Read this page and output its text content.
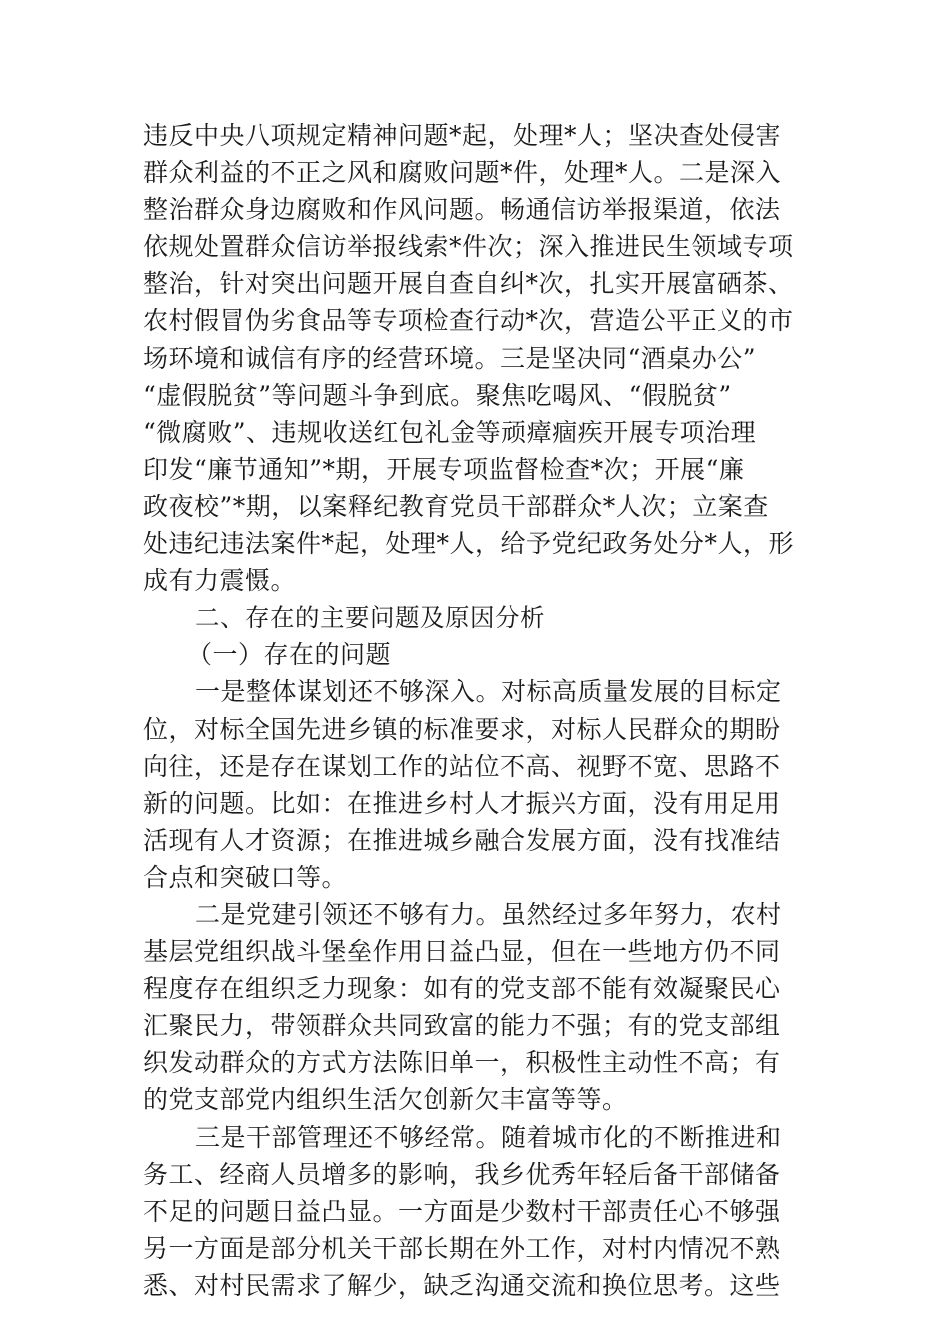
违反中央八项规定精神问题*起，处理*人；坚决查处侵害
群众利益的不正之风和腐败问题*件，处理*人。二是深入
整治群众身边腐败和作风问题。畅通信访举报渠道，依法
依规处置群众信访举报线索*件次；深入推进民生领域专项
整治，针对突出问题开展自查自纠*次，扎实开展富硒茶、
农村假冒伪劣食品等专项检查行动*次，营造公平正义的市
场环境和诚信有序的经营环境。三是坚决同“酒桌办公”
“虚假脱贫”等问题斗争到底。聚焦吃喝风、“假脱贫”
“微腐败”、违规收送红包礼金等顽瘴痼疾开展专项治理
印发“廉节通知”*期，开展专项监督检查*次；开展“廉
政夜校”*期，以案释纪教育党员干部群众*人次；立案查
处违纪违法案件*起，处理*人，给予党纪政务处分*人，形
成有力震慑。
二、存在的主要问题及原因分析
（一）存在的问题
一是整体谋划还不够深入。对标高质量发展的目标定
位，对标全国先进乡镇的标准要求，对标人民群众的期盼
向往，还是存在谋划工作的站位不高、视野不宽、思路不
新的问题。比如：在推进乡村人才振兴方面，没有用足用
活现有人才资源；在推进城乡融合发展方面，没有找准结
合点和突破口等。
二是党建引领还不够有力。虽然经过多年努力，农村
基层党组织战斗堡垒作用日益凸显，但在一些地方仍不同
程度存在组织乏力现象：如有的党支部不能有效凝聚民心
汇聚民力，带领群众共同致富的能力不强；有的党支部组
织发动群众的方式方法陈旧单一，积极性主动性不高；有
的党支部党内组织生活欠创新欠丰富等等。
三是干部管理还不够经常。随着城市化的不断推进和
务工、经商人员增多的影响，我乡优秀年轻后备干部储备
不足的问题日益凸显。一方面是少数村干部责任心不够强
另一方面是部分机关干部长期在外工作，对村内情况不熟
悉、对村民需求了解少，缺乏沟通交流和换位思考。这些
